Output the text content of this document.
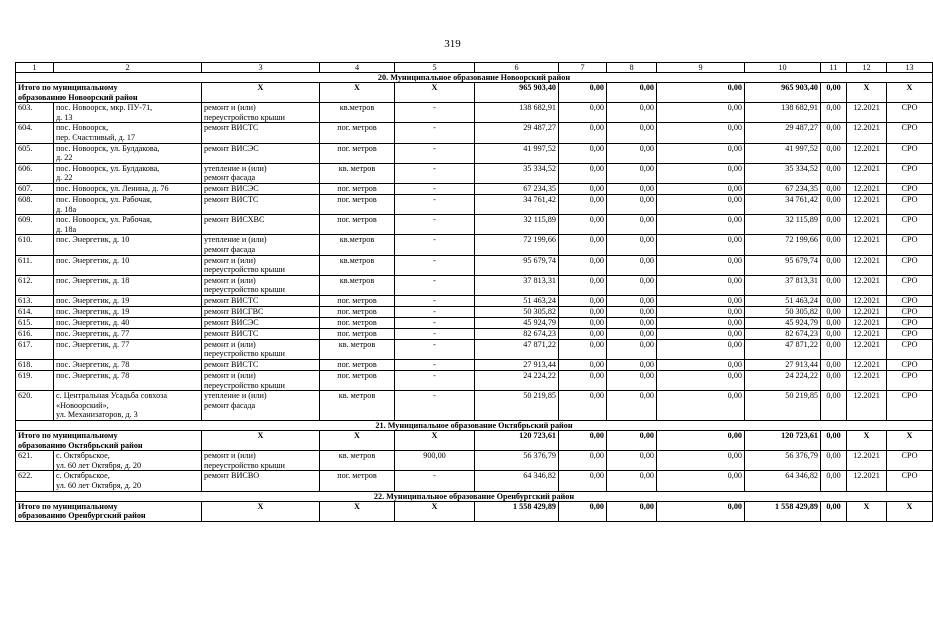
319
1	2	3	4	5	6	7	8	9	10	11	12	13
20. Муниципальное образование Новоорский район												
Итого по муниципальному
образованию Новоорский район		X	X	X	965 903,40	0,00	0,00	0,00	965 903,40	0,00	X	X
603.	пос. Новоорск, мкр. ПУ-71,
д. 13	ремонт и (или)
переустройство крыши	кв.метров	-	138 682,91	0,00	0,00	0,00	138 682,91	0,00	12.2021	СРО
604.	пос. Новоорск,
пер. Счастливый, д. 17	ремонт ВИСТС	пог. метров	-	29 487,27	0,00	0,00	0,00	29 487,27	0,00	12.2021	СРО
605.	пос. Новоорск, ул. Булдакова,
д. 22	ремонт ВИСЭС	пог. метров	-	41 997,52	0,00	0,00	0,00	41 997,52	0,00	12.2021	СРО
606.	пос. Новоорск, ул. Булдакова,
д. 22	утепление и (или)
ремонт фасада	кв. метров	-	35 334,52	0,00	0,00	0,00	35 334,52	0,00	12.2021	СРО
607.	пос. Новоорск, ул. Ленина, д. 76	ремонт ВИСЭС	пог. метров	-	67 234,35	0,00	0,00	0,00	67 234,35	0,00	12.2021	СРО
608.	пос. Новоорск, ул. Рабочая,
д. 18а	ремонт ВИСТС	пог. метров	-	34 761,42	0,00	0,00	0,00	34 761,42	0,00	12.2021	СРО
609.	пос. Новоорск, ул. Рабочая,
д. 18а	ремонт ВИСХВС	пог. метров	-	32 115,89	0,00	0,00	0,00	32 115,89	0,00	12.2021	СРО
610.	пос. Энергетик, д. 10	утепление и (или)
ремонт фасада	кв.метров	-	72 199,66	0,00	0,00	0,00	72 199,66	0,00	12.2021	СРО
611.	пос. Энергетик, д. 10	ремонт и (или)
переустройство крыши	кв.метров	-	95 679,74	0,00	0,00	0,00	95 679,74	0,00	12.2021	СРО
612.	пос. Энергетик, д. 18	ремонт и (или)
переустройство крыши	кв.метров	-	37 813,31	0,00	0,00	0,00	37 813,31	0,00	12.2021	СРО
613.	пос. Энергетик, д. 19	ремонт ВИСТС	пог. метров	-	51 463,24	0,00	0,00	0,00	51 463,24	0,00	12.2021	СРО
614.	пос. Энергетик, д. 19	ремонт ВИСГВС	пог. метров	-	50 305,82	0,00	0,00	0,00	50 305,82	0,00	12.2021	СРО
615.	пос. Энергетик, д. 40	ремонт ВИСЭС	пог. метров	-	45 924,79	0,00	0,00	0,00	45 924,79	0,00	12.2021	СРО
616.	пос. Энергетик, д. 77	ремонт ВИСТС	пог. метров	-	82 674,23	0,00	0,00	0,00	82 674,23	0,00	12.2021	СРО
617.	пос. Энергетик, д. 77	ремонт и (или)
переустройство крыши	кв. метров	-	47 871,22	0,00	0,00	0,00	47 871,22	0,00	12.2021	СРО
618.	пос. Энергетик, д. 78	ремонт ВИСТС	пог. метров	-	27 913,44	0,00	0,00	0,00	27 913,44	0,00	12.2021	СРО
619.	пос. Энергетик, д. 78	ремонт и (или)
переустройство крыши	пог. метров	-	24 224,22	0,00	0,00	0,00	24 224,22	0,00	12.2021	СРО
620.	с. Центральная Усадьба совхоза
«Новоорский»,
ул. Механизаторов, д. 3	утепление и (или)
ремонт фасада	кв. метров	-	50 219,85	0,00	0,00	0,00	50 219,85	0,00	12.2021	СРО
21. Муниципальное образование Октябрьский район												
Итого по муниципальному
образованию Октябрьский район		X	X	X	120 723,61	0,00	0,00	0,00	120 723,61	0,00	X	X
621.	с. Октябрьское,
ул. 60 лет Октября, д. 20	ремонт и (или)
переустройство крыши	кв. метров	900,00	56 376,79	0,00	0,00	0,00	56 376,79	0,00	12.2021	СРО
622.	с. Октябрьское,
ул. 60 лет Октября, д. 20	ремонт ВИСВО	пог. метров	-	64 346,82	0,00	0,00	0,00	64 346,82	0,00	12.2021	СРО
22. Муниципальное образование Оренбургский район												
Итого по муниципальному
образованию Оренбургский район		X	X	X	1 558 429,89	0,00	0,00	0,00	1 558 429,89	0,00	X	X
